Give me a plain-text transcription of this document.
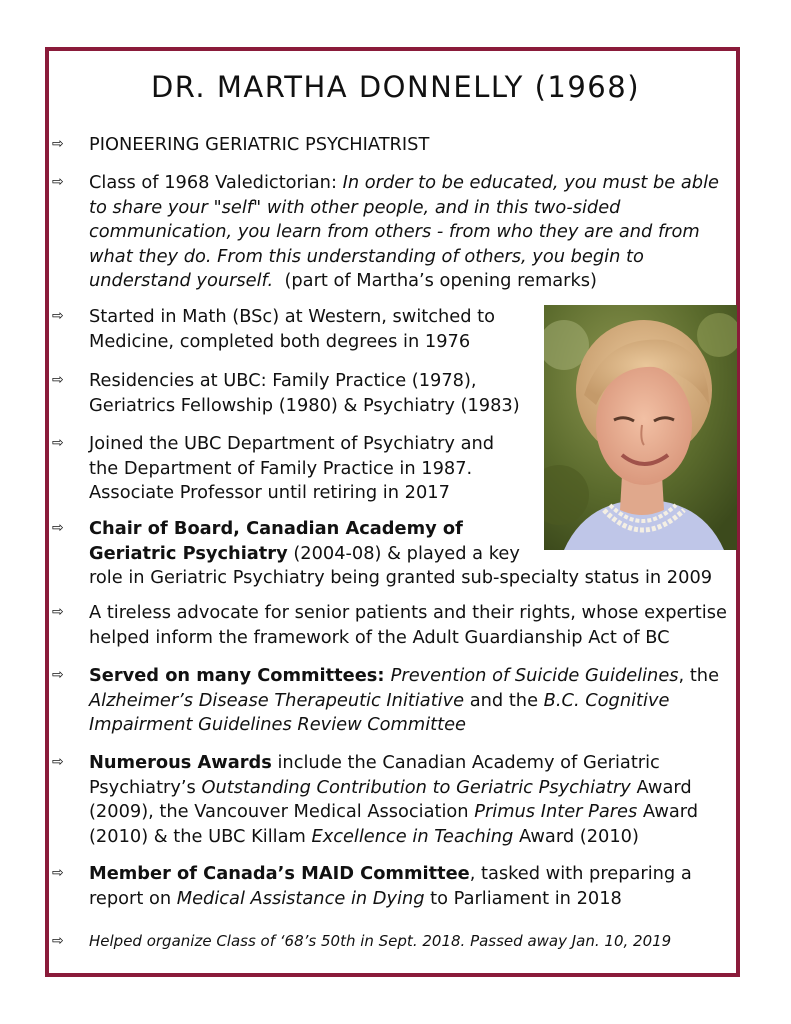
DR. MARTHA DONNELLY (1968)
⇨ PIONEERING GERIATRIC PSYCHIATRIST
⇨ Class of 1968 Valedictorian: In order to be educated, you must be able
to share your "self" with other people, and in this two-sided
communication, you learn from others - from who they are and from
what they do. From this understanding of others, you begin to
understand yourself.  (part of Martha’s opening remarks)
⇨ Started in Math (BSc) at Western, switched to
Medicine, completed both degrees in 1976
⇨ Residencies at UBC: Family Practice (1978),
Geriatrics Fellowship (1980) & Psychiatry (1983)
⇨ Joined the UBC Department of Psychiatry and
the Department of Family Practice in 1987.
Associate Professor until retiring in 2017
⇨ Chair of Board, Canadian Academy of
Geriatric Psychiatry (2004-08) & played a key
role in Geriatric Psychiatry being granted sub-specialty status in 2009
⇨ A tireless advocate for senior patients and their rights, whose expertise
helped inform the framework of the Adult Guardianship Act of BC
⇨ Served on many Committees: Prevention of Suicide Guidelines, the
Alzheimer’s Disease Therapeutic Initiative and the B.C. Cognitive
Impairment Guidelines Review Committee
⇨ Numerous Awards include the Canadian Academy of Geriatric
Psychiatry’s Outstanding Contribution to Geriatric Psychiatry Award
(2009), the Vancouver Medical Association Primus Inter Pares Award
(2010) & the UBC Killam Excellence in Teaching Award (2010)
⇨ Member of Canada’s MAID Committee, tasked with preparing a
report on Medical Assistance in Dying to Parliament in 2018
⇨ Helped organize Class of ‘68’s 50th in Sept. 2018. Passed away Jan. 10, 2019
